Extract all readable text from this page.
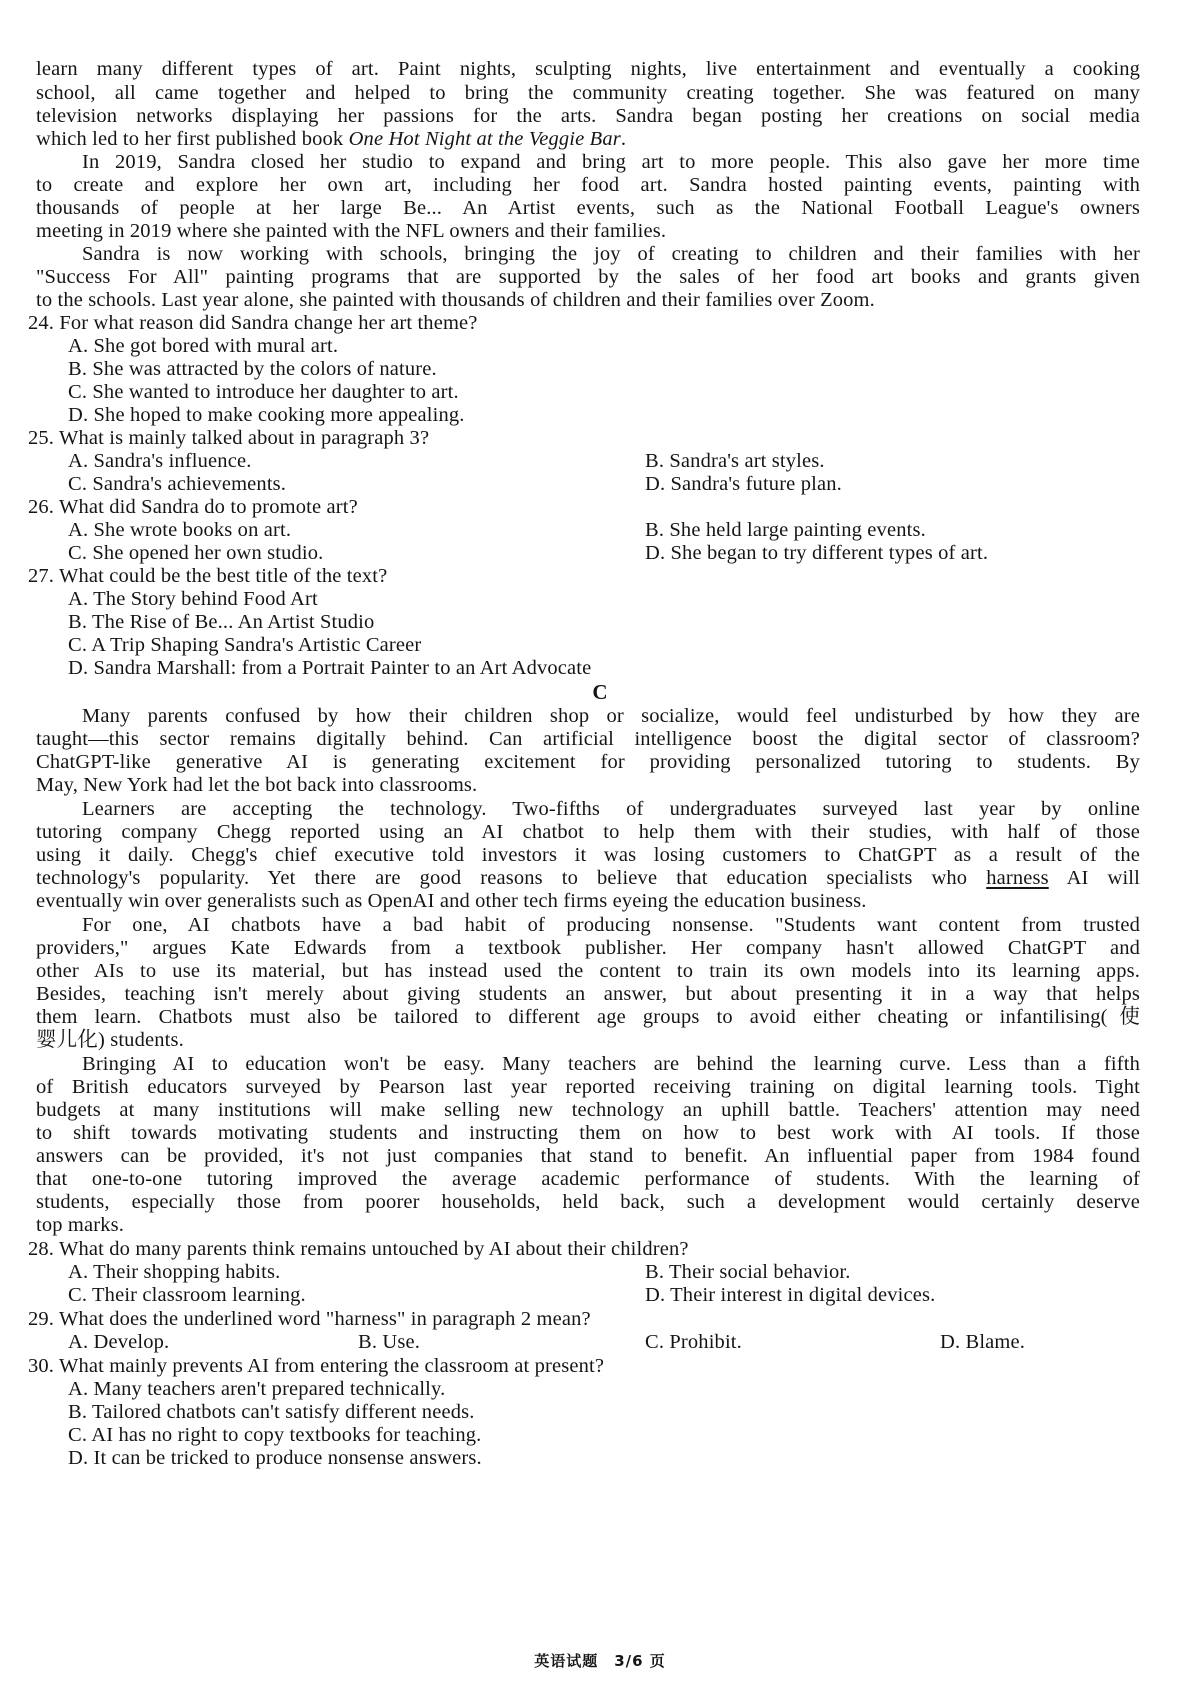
learn many different types of art. Paint nights, sculpting nights, live entertainment and eventually a cooking
school, all came together and helped to bring the community creating together. She was featured on many
television networks displaying her passions for the arts. Sandra began posting her creations on social media
which led to her first published book One Hot Night at the Veggie Bar.
In 2019, Sandra closed her studio to expand and bring art to more people. This also gave her more time
to create and explore her own art, including her food art. Sandra hosted painting events, painting with
thousands of people at her large Be... An Artist events, such as the National Football League's owners
meeting in 2019 where she painted with the NFL owners and their families.
Sandra is now working with schools, bringing the joy of creating to children and their families with her
"Success For All" painting programs that are supported by the sales of her food art books and grants given
to the schools. Last year alone, she painted with thousands of children and their families over Zoom.
24. For what reason did Sandra change her art theme?
A. She got bored with mural art.
B. She was attracted by the colors of nature.
C. She wanted to introduce her daughter to art.
D. She hoped to make cooking more appealing.
25. What is mainly talked about in paragraph 3?
A. Sandra's influence.	B. Sandra's art styles.
C. Sandra's achievements.	D. Sandra's future plan.
26. What did Sandra do to promote art?
A. She wrote books on art.	B. She held large painting events.
C. She opened her own studio.	D. She began to try different types of art.
27. What could be the best title of the text?
A. The Story behind Food Art
B. The Rise of Be... An Artist Studio
C. A Trip Shaping Sandra's Artistic Career
D. Sandra Marshall: from a Portrait Painter to an Art Advocate
C
Many parents confused by how their children shop or socialize, would feel undisturbed by how they are
taught—this sector remains digitally behind. Can artificial intelligence boost the digital sector of classroom?
ChatGPT-like generative AI is generating excitement for providing personalized tutoring to students. By
May, New York had let the bot back into classrooms.
Learners are accepting the technology. Two-fifths of undergraduates surveyed last year by online
tutoring company Chegg reported using an AI chatbot to help them with their studies, with half of those
using it daily. Chegg's chief executive told investors it was losing customers to ChatGPT as a result of the
technology's popularity. Yet there are good reasons to believe that education specialists who harness AI will
eventually win over generalists such as OpenAI and other tech firms eyeing the education business.
For one, AI chatbots have a bad habit of producing nonsense. "Students want content from trusted
providers," argues Kate Edwards from a textbook publisher. Her company hasn't allowed ChatGPT and
other AIs to use its material, but has instead used the content to train its own models into its learning apps.
Besides, teaching isn't merely about giving students an answer, but about presenting it in a way that helps
them learn. Chatbots must also be tailored to different age groups to avoid either cheating or infantilising(使
婴儿化) students.
Bringing AI to education won't be easy. Many teachers are behind the learning curve. Less than a fifth
of British educators surveyed by Pearson last year reported receiving training on digital learning tools. Tight
budgets at many institutions will make selling new technology an uphill battle. Teachers' attention may need
to shift towards motivating students and instructing them on how to best work with AI tools. If those
answers can be provided, it's not just companies that stand to benefit. An influential paper from 1984 found
that one-to-one tutoring improved the average academic performance of students. With the learning of
students, especially those from poorer households, held back, such a development would certainly deserve
top marks.
28. What do many parents think remains untouched by AI about their children?
A. Their shopping habits.	B. Their social behavior.
C. Their classroom learning.	D. Their interest in digital devices.
29. What does the underlined word "harness" in paragraph 2 mean?
A. Develop.	B. Use.	C. Prohibit.	D. Blame.
30. What mainly prevents AI from entering the classroom at present?
A. Many teachers aren't prepared technically.
B. Tailored chatbots can't satisfy different needs.
C. AI has no right to copy textbooks for teaching.
D. It can be tricked to produce nonsense answers.
英语试题　3/6 页
